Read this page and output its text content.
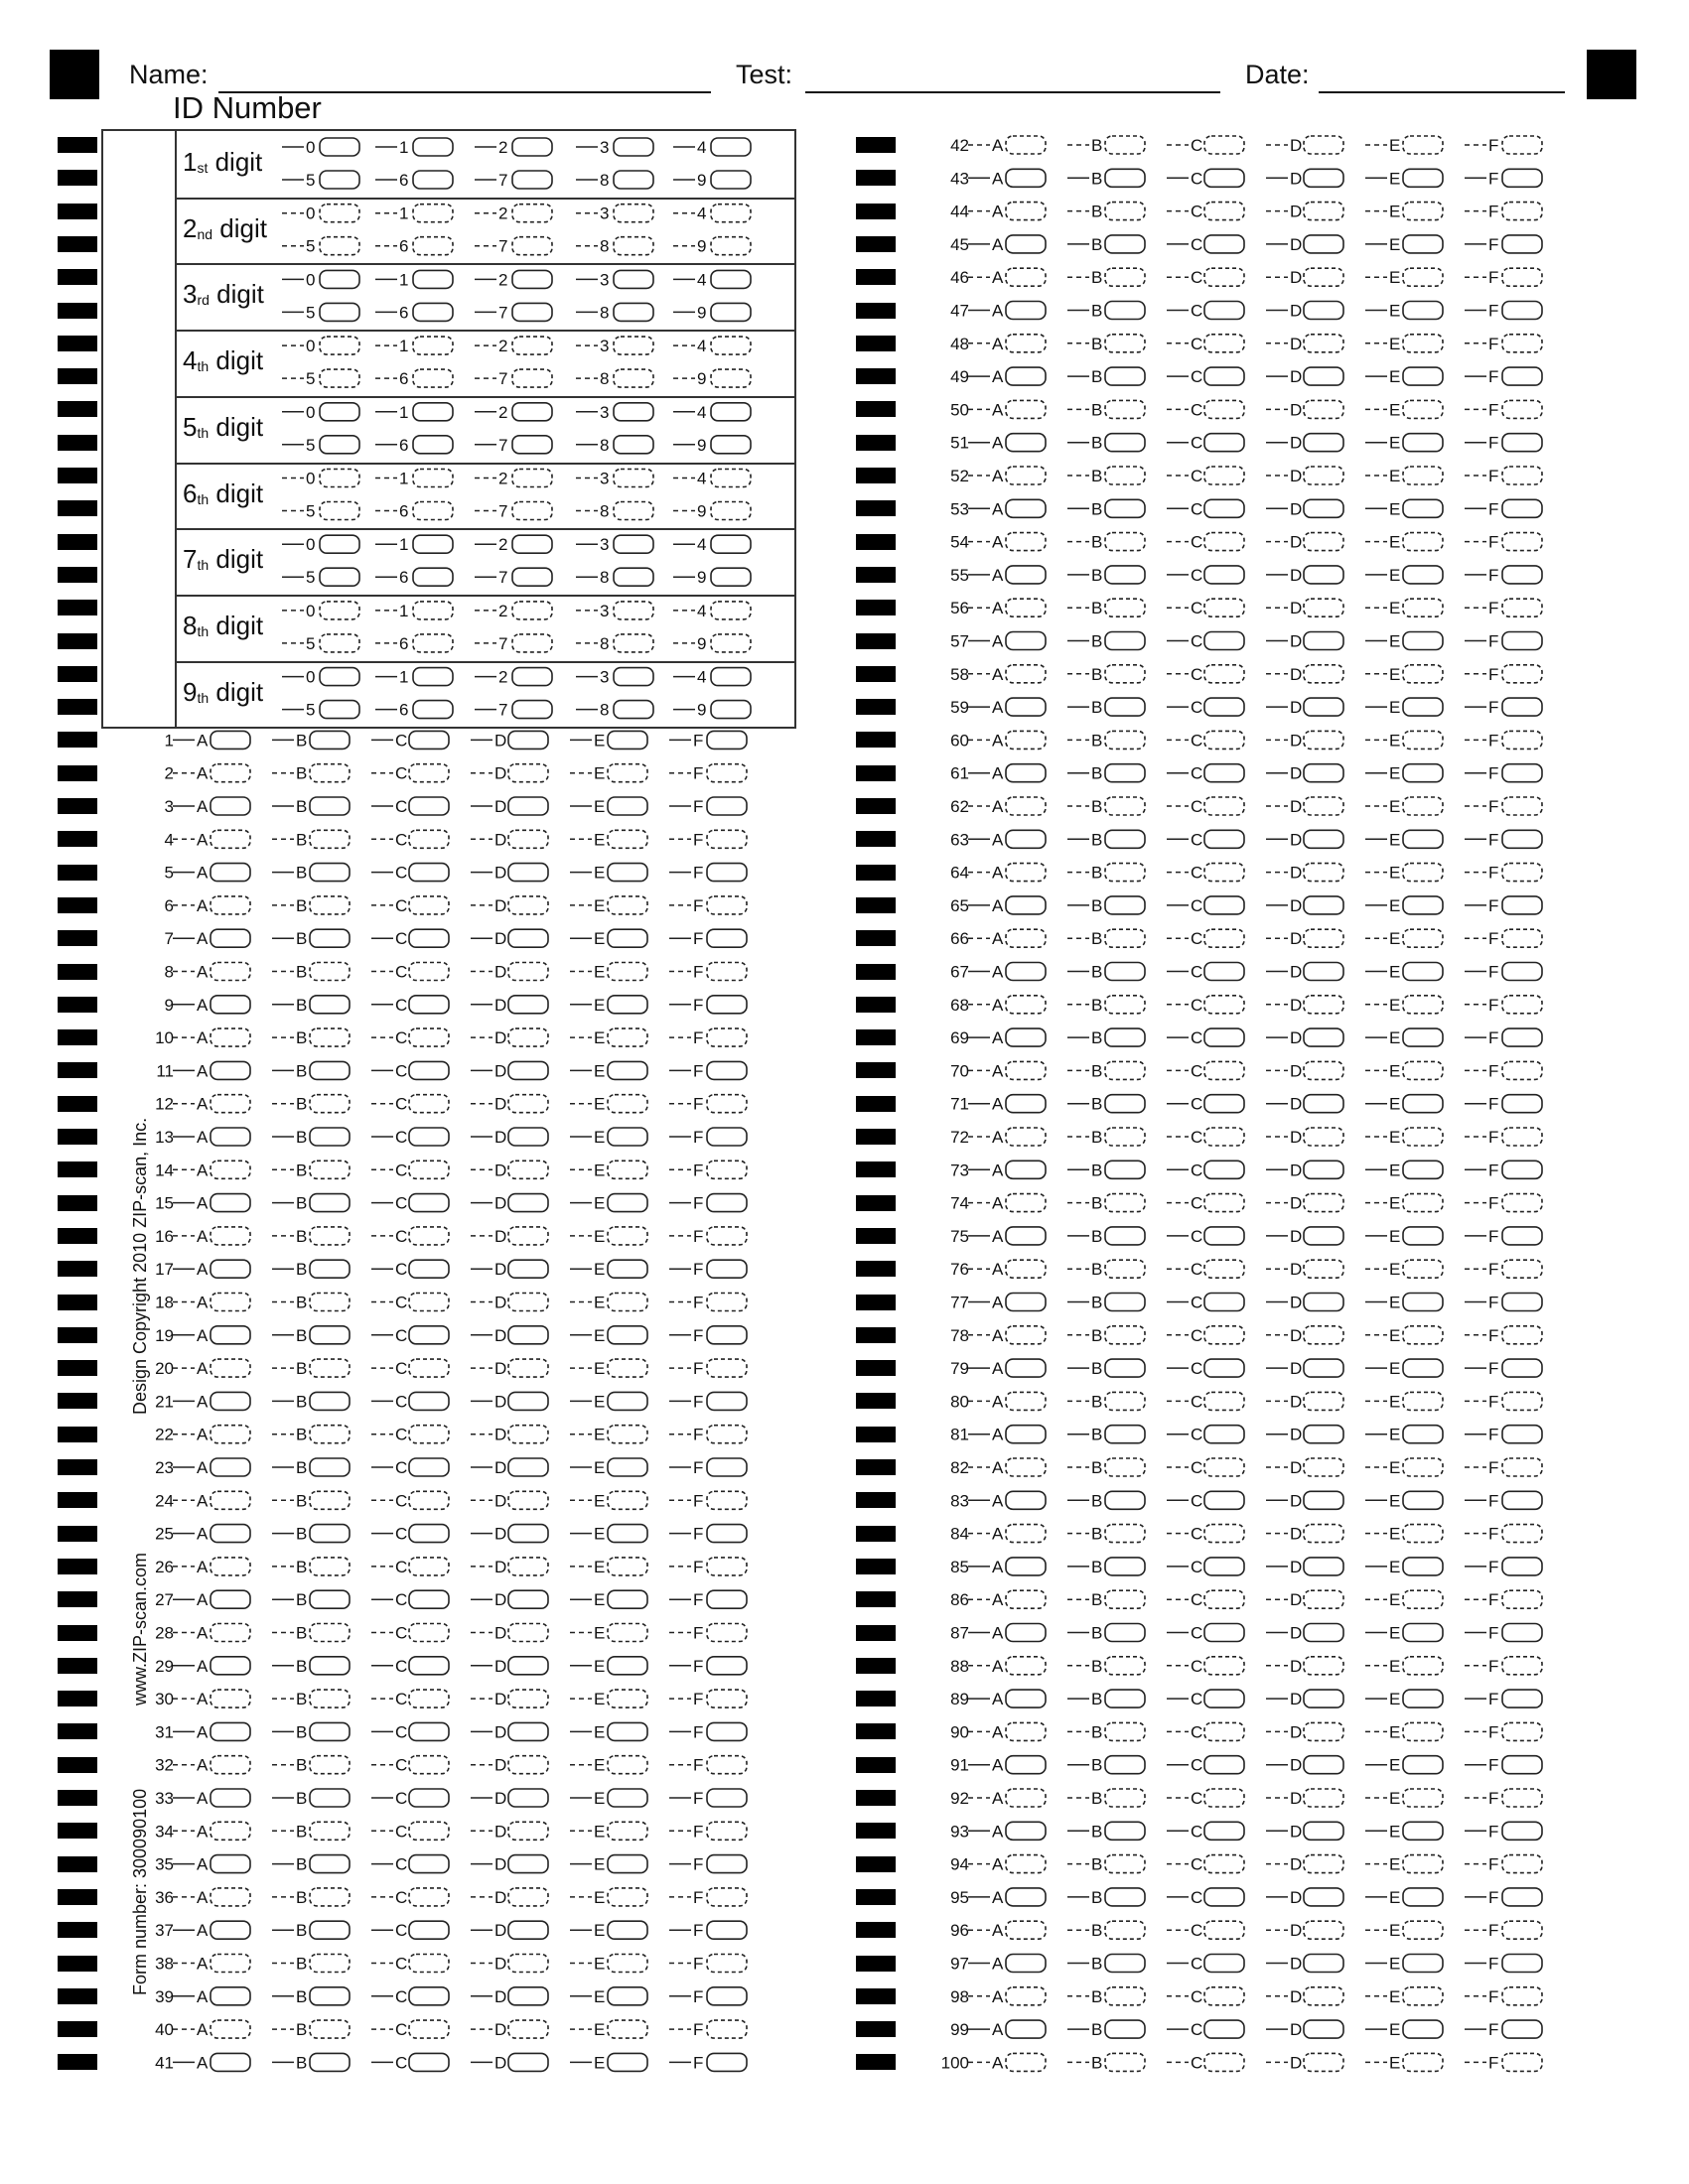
Name:	Test:	Date:
ID Number
1st digit	0	1	2	3	4
5	6	7	8	9
2nd digit 0	1	2	3	4
5	6	7	8	9
3rd digit 0	1	2	3	4
5	6	7	8	9
4th digit	0	1	2	3	4
5	6	7	8	9
5th digit	0	1	2	3	4
5	6	7	8	9
6th digit	0	1	2	3	4
5	6	7	8	9
7th digit	0	1	2	3	4
5	6	7	8	9
8th digit	0	1	2	3	4
5	6	7	8	9
9th digit	0	1	2	3	4
5	6	7	8	9
1 A	B	C	D	E	F
2 A	B	C	D	E	F
3 A	B	C	D	E	F
4 A	B	C	D	E	F
5 A	B	C	D	E	F
6 A	B	C	D	E	F
7 A	B	C	D	E	F
8 A	B	C	D	E	F
9 A	B	C	D	E	F
10 A	B	C	D	E	F
11 A	B	C	D	E	F
12 A	B	C	D	E	F
13 A	B	C	D	E	F
14 A	B	C	D	E	F
15 A	B	C	D	E	F
16 A	B	C	D	E	F
17 A	B	C	D	E	F
18 A	B	C	D	E	F
19 A	B	C	D	E	F
20 A	B	C	D	E	F
21 A	B	C	D	E	F
22 A	B	C	D	E	F
23 A	B	C	D	E	F
24 A	B	C	D	E	F
25 A	B	C	D	E	F
26 A	B	C	D	E	F
27 A	B	C	D	E	F
28 A	B	C	D	E	F
29 A	B	C	D	E	F
30 A	B	C	D	E	F
31 A	B	C	D	E	F
32 A	B	C	D	E	F
33 A	B	C	D	E	F
34 A	B	C	D	E	F
35 A	B	C	D	E	F
36 A	B	C	D	E	F
37 A	B	C	D	E	F
38 A	B	C	D	E	F
39 A	B	C	D	E	F
40 A	B	C	D	E	F
41 A	B	C	D	E	F
42 A	B	C	D	E	F
43 A	B	C	D	E	F
44 A	B	C	D	E	F
45 A	B	C	D	E	F
46 A	B	C	D	E	F
47 A	B	C	D	E	F
48 A	B	C	D	E	F
49 A	B	C	D	E	F
50 A	B	C	D	E	F
51 A	B	C	D	E	F
52 A	B	C	D	E	F
53 A	B	C	D	E	F
54 A	B	C	D	E	F
55 A	B	C	D	E	F
56 A	B	C	D	E	F
57 A	B	C	D	E	F
58 A	B	C	D	E	F
59 A	B	C	D	E	F
60 A	B	C	D	E	F
61 A	B	C	D	E	F
62 A	B	C	D	E	F
63 A	B	C	D	E	F
64 A	B	C	D	E	F
65 A	B	C	D	E	F
66 A	B	C	D	E	F
67 A	B	C	D	E	F
68 A	B	C	D	E	F
69 A	B	C	D	E	F
70 A	B	C	D	E	F
71 A	B	C	D	E	F
72 A	B	C	D	E	F
73 A	B	C	D	E	F
74 A	B	C	D	E	F
75 A	B	C	D	E	F
76 A	B	C	D	E	F
77 A	B	C	D	E	F
78 A	B	C	D	E	F
79 A	B	C	D	E	F
80 A	B	C	D	E	F
81 A	B	C	D	E	F
82 A	B	C	D	E	F
83 A	B	C	D	E	F
84 A	B	C	D	E	F
85 A	B	C	D	E	F
86 A	B	C	D	E	F
87 A	B	C	D	E	F
88 A	B	C	D	E	F
89 A	B	C	D	E	F
90 A	B	C	D	E	F
91 A	B	C	D	E	F
92 A	B	C	D	E	F
93 A	B	C	D	E	F
94 A	B	C	D	E	F
95 A	B	C	D	E	F
96 A	B	C	D	E	F
97 A	B	C	D	E	F
98 A	B	C	D	E	F
99 A	B	C	D	E	F
100 A	B	C	D	E	F
Design Copyright 2010 ZIP-scan, Inc.
www.ZIP-scan.com
Form number: 300090100
